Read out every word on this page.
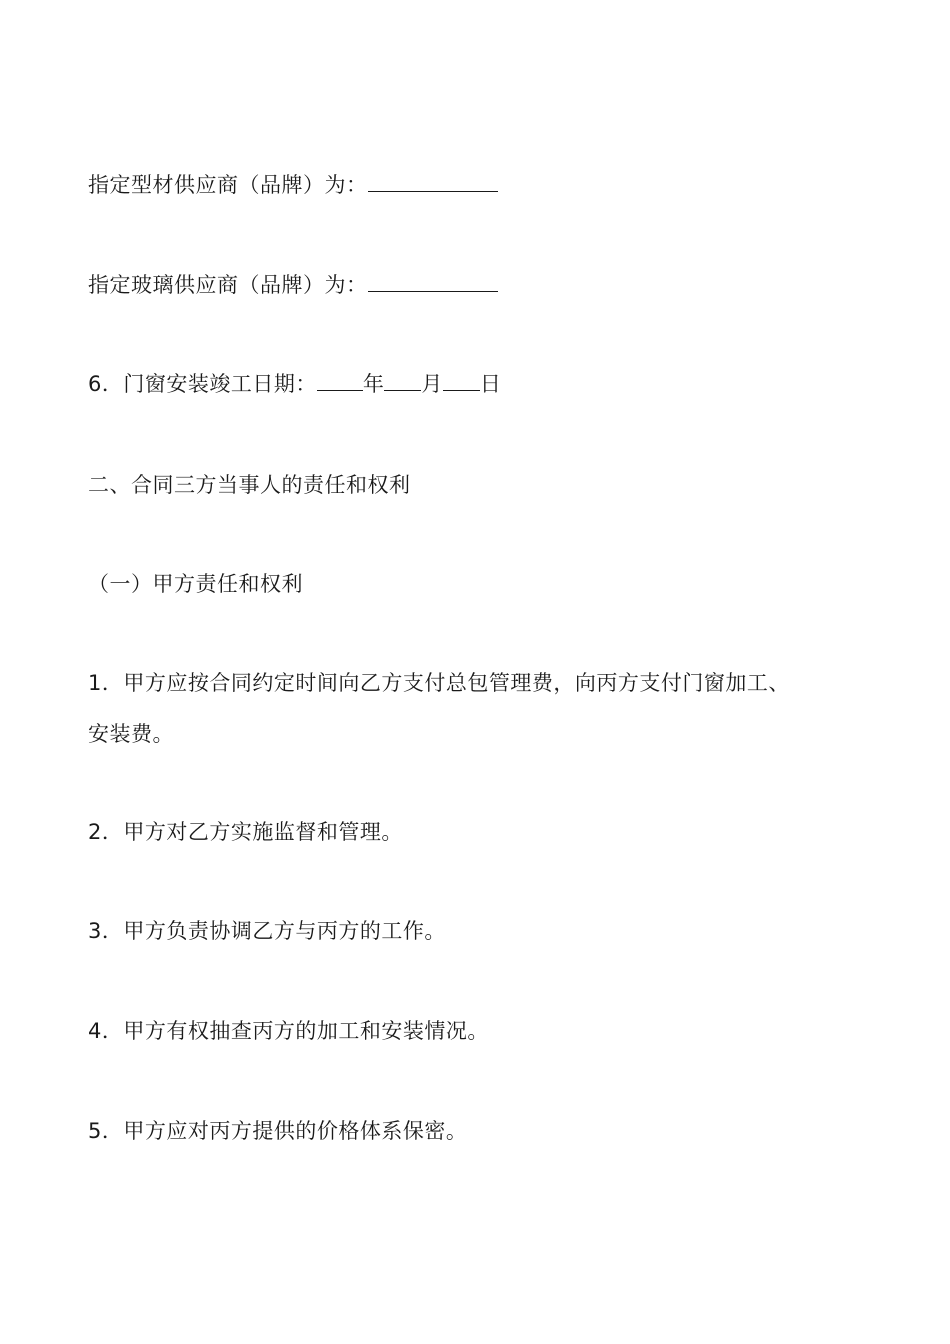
指定型材供应商（品牌）为：
指定玻璃供应商（品牌）为：
6．门窗安装竣工日期： 年 月 日
二、合同三方当事人的责任和权利
（一）甲方责任和权利
1．甲方应按合同约定时间向乙方支付总包管理费，向丙方支付门窗加工、
安装费。
2．甲方对乙方实施监督和管理。
3．甲方负责协调乙方与丙方的工作。
4．甲方有权抽查丙方的加工和安装情况。
5．甲方应对丙方提供的价格体系保密。
